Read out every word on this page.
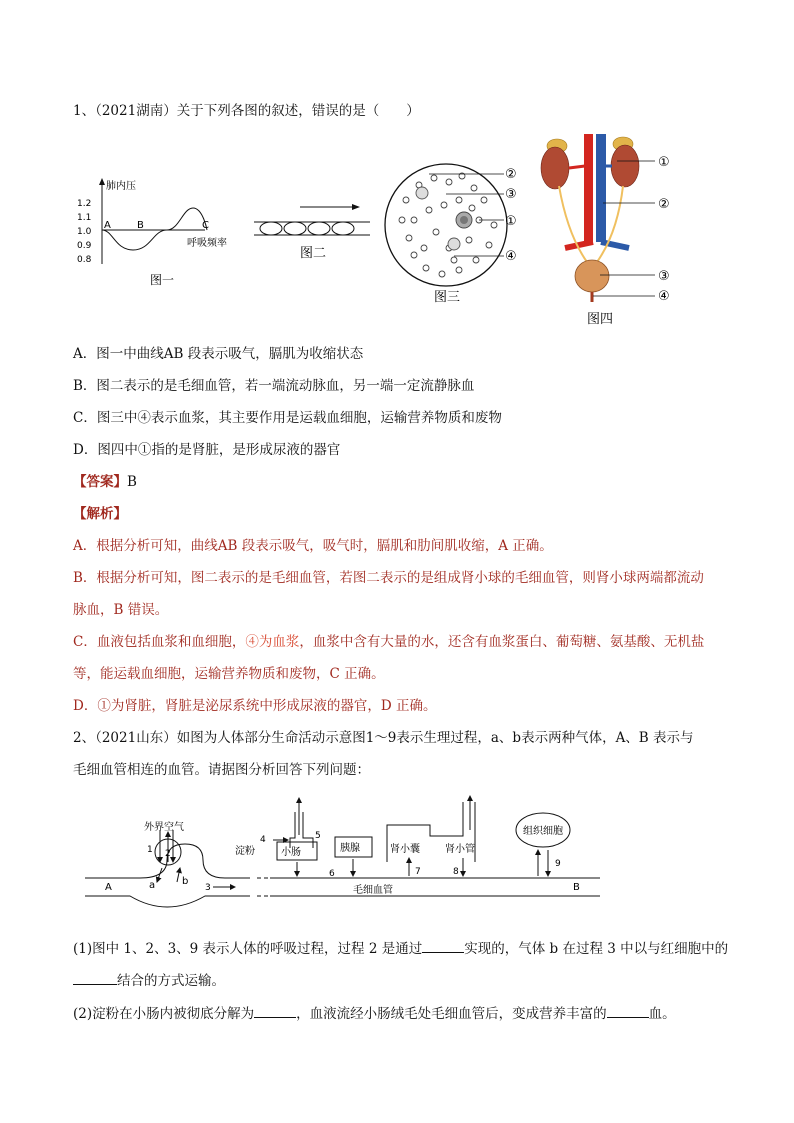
1、（2021湖南）关于下列各图的叙述，错误的是（　　）
肺内压
1.2
1.1
1.0
0.9
0.8
A	B	C
呼吸频率
图一
图二
②
③
①
④
图三
①
②
③
④
图四
A．图一中曲线AB 段表示吸气，膈肌为收缩状态
B．图二表示的是毛细血管，若一端流动脉血，另一端一定流静脉血
C．图三中④表示血浆，其主要作用是运载血细胞，运输营养物质和废物
D．图四中①指的是肾脏，是形成尿液的器官
【答案】B
【解析】
A．根据分析可知，曲线AB 段表示吸气，吸气时，膈肌和肋间肌收缩，A 正确。
B．根据分析可知，图二表示的是毛细血管，若图二表示的是组成肾小球的毛细血管，则肾小球两端都流动
脉血，B 错误。
C．血液包括血浆和血细胞，④为血浆，血浆中含有大量的水，还含有血浆蛋白、葡萄糖、氨基酸、无机盐
等，能运载血细胞，运输营养物质和废物，C 正确。
D．①为肾脏，肾脏是泌尿系统中形成尿液的器官，D 正确。
2、（2021山东）如图为人体部分生命活动示意图1～9表示生理过程，a、b表示两种气体，A、B 表示与
毛细血管相连的血管。请据图分析回答下列问题：
外界空气
1 2
3
a	b
A	B
淀粉
4	5
小肠	胰腺
6
肾小囊	肾小管
7	8
组织细胞
9
毛细血管
(1)图中 1、2、3、9 表示人体的呼吸过程，过程 2 是通过	实现的，气体 b 在过程 3 中以与红细胞中的
结合的方式运输。
(2)淀粉在小肠内被彻底分解为	，血液流经小肠绒毛处毛细血管后，变成营养丰富的	血。
